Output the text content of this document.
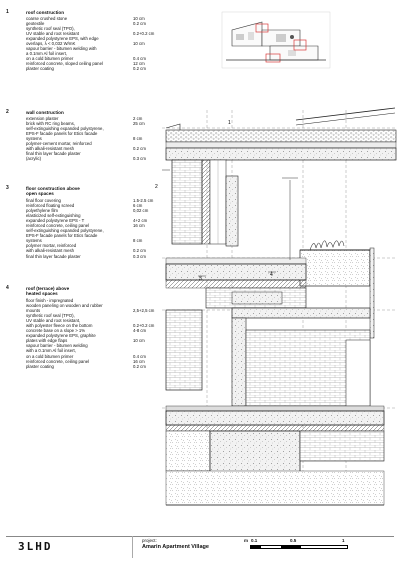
1	roof construction
coarse crushed stone	10 cm
geotextile	0.2 cm
synthetic roof seal (TPO),
UV stable and root resistant	0.2+0.2 cm
expanded polystyrene EPS, with edge
overlaps, λ < 0,032 W/mK	10 cm
vapour barrier - bitumen welding with
a 0.1mm Al foil insert,
on a cold bitumen primer	0.4 cm
reinforced concrete, sloped ceiling panel	12 cm
plaster coating	0.2 cm
2	wall construction
extension plaster	2 cm
brick with RC ring beams,	25 cm
self-extinguishing expanded polystyrene,
EPS-F facade panels for Etics facade
systems	8 cm
polymer-cement mortar, reinforced
with alkali-resistant mesh	0.2 cm
final thin layer facade plaster
(acrylic)	0.3 cm
3	floor construction above
open spaces
final floor covering	1.5-2.5 cm
reinforced floating screed	6 cm
polyethylene film	0,02 cm
elasticized self-extinguishing
expanded polystyrene EPS - T	4+2 cm
reinforced concrete, ceiling panel	16 cm
self-extinguishing expanded polystyrene,
EPS-F facade panels for Etics facade
systems	8 cm
polymer mortar, reinforced
with alkali-resistant mesh	0.2 cm
final thin layer facade plaster	0.3 cm
4	roof (terrace) above
heated spaces
floor finish - impregnated
wooden paneling on wooden and rubber
mounts	2,5+2,5 cm
synthetic roof seal (TPO),
UV stable and root resistant,
with polyester fleece on the bottom	0.2+0.2 cm
concrete base on a slope > 1%	4-8 cm
expanded polystyrene EPS, graphite
plates with edge flaps	10 cm
vapour barrier - bitumen welding
with a 0.1mm Al foil insert,
on a cold bitumen primer	0.4 cm
reinforced concrete, ceiling panel	16 cm
plaster coating	0.2 cm
1
2
3
4
3LHD	project:
Amarin Apartment Village
m 0.1	0.5	1
